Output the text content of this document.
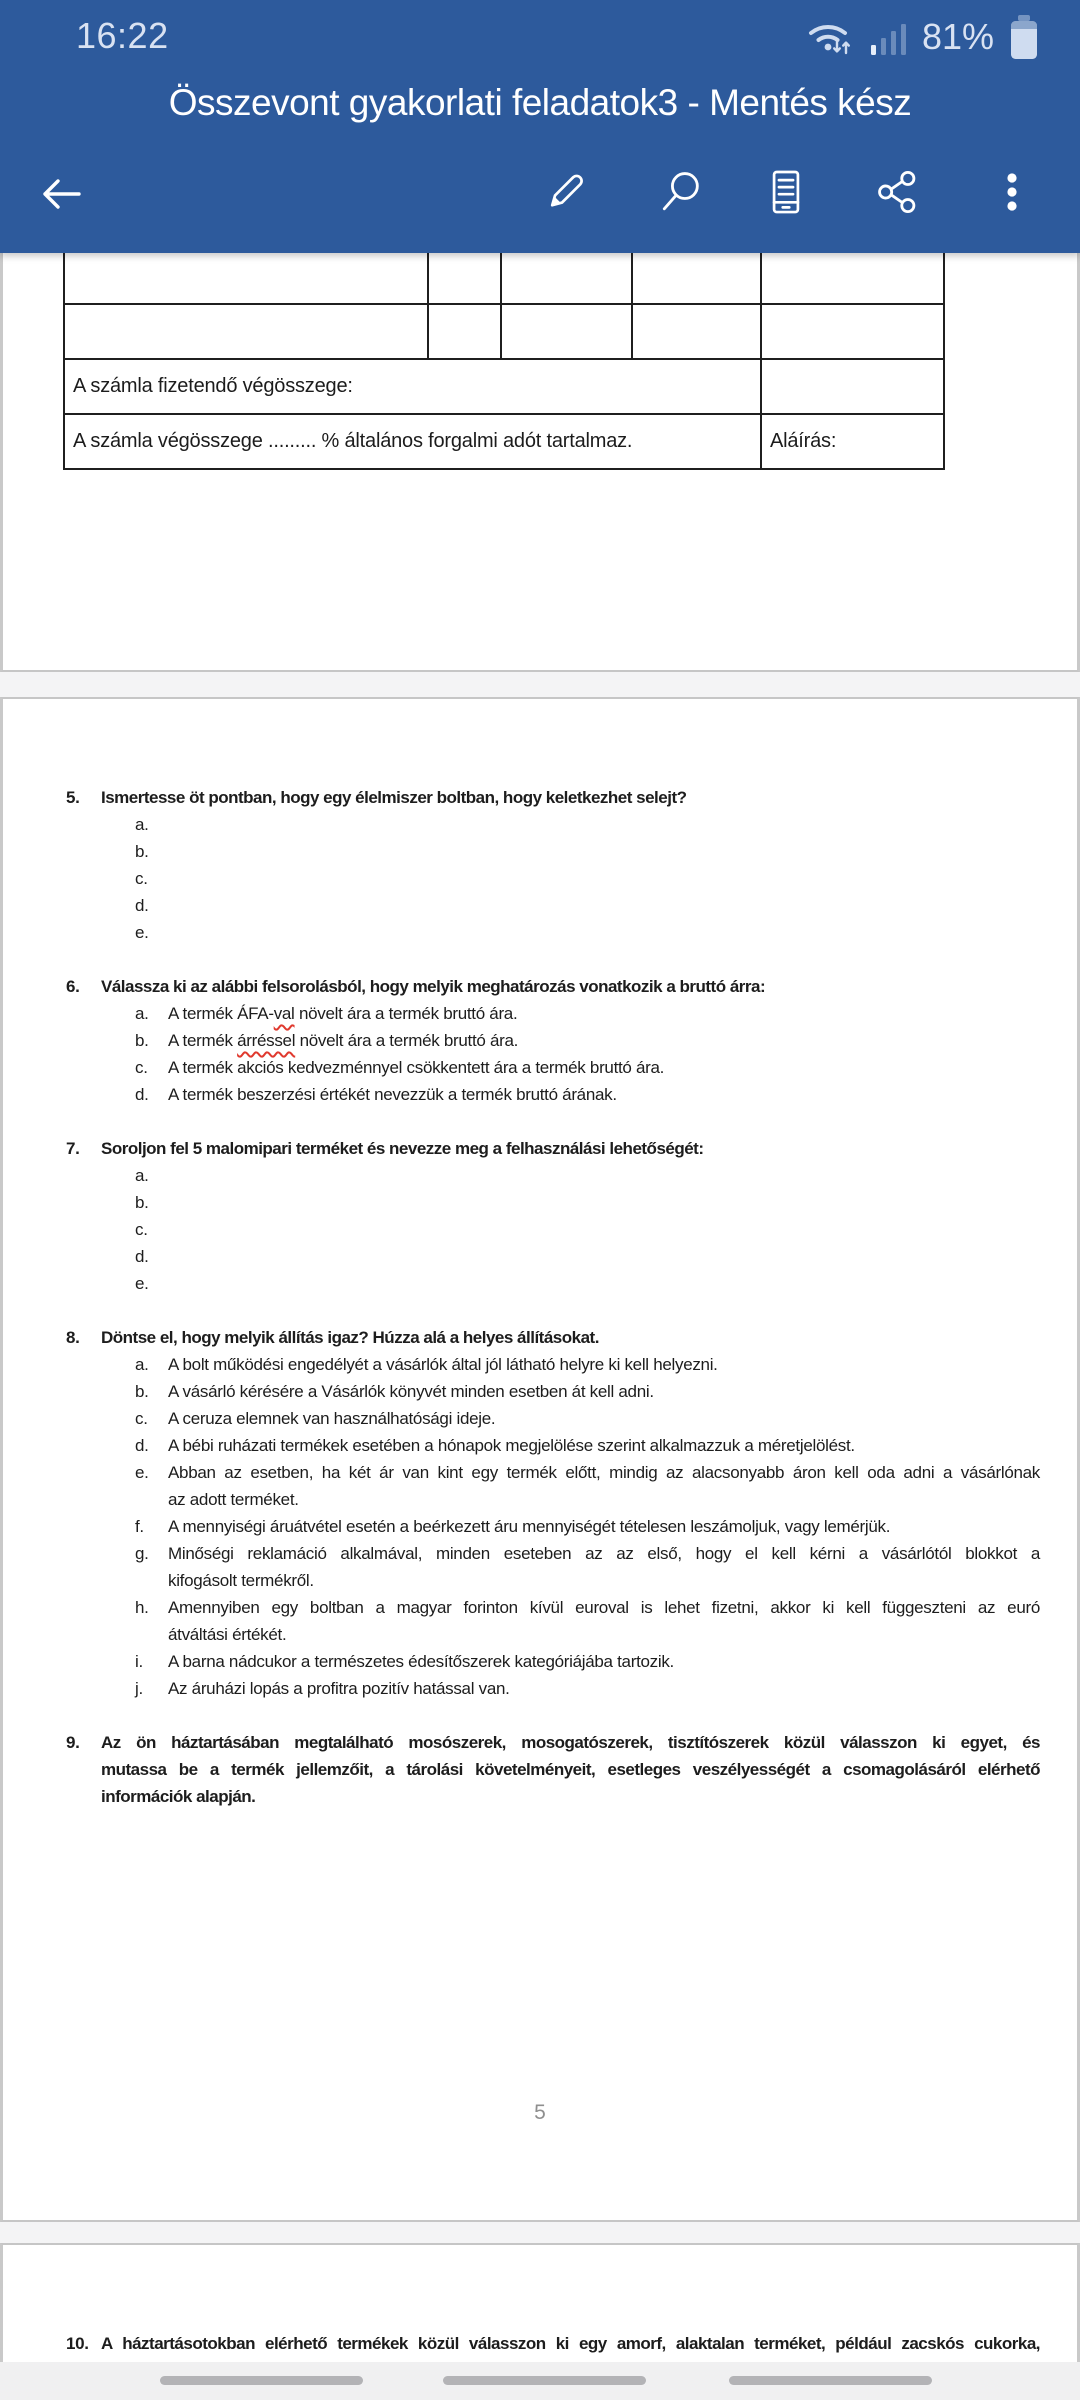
16:22	81%
Összevont gyakorlati feladatok3 - Mentés kész

A számla fizetendő végösszege:				
A számla végösszege ......... % általános forgalmi adót tartalmaz.				Aláírás:
5.	Ismertesse öt pontban, hogy egy élelmiszer boltban, hogy keletkezhet selejt?
a.
b.
c.
d.
e.
6.	Válassza ki az alábbi felsorolásból, hogy melyik meghatározás vonatkozik a bruttó árra:
a.	A termék ÁFA-val növelt ára a termék bruttó ára.
b.	A termék árréssel növelt ára a termék bruttó ára.
c.	A termék akciós kedvezménnyel csökkentett ára a termék bruttó ára.
d.	A termék beszerzési értékét nevezzük a termék bruttó árának.
7.	Soroljon fel 5 malomipari terméket és nevezze meg a felhasználási lehetőségét:
a.
b.
c.
d.
e.
8.	Döntse el, hogy melyik állítás igaz? Húzza alá a helyes állításokat.
a.	A bolt működési engedélyét a vásárlók által jól látható helyre ki kell helyezni.
b.	A vásárló kérésére a Vásárlók könyvét minden esetben át kell adni.
c.	A ceruza elemnek van használhatósági ideje.
d.	A bébi ruházati termékek esetében a hónapok megjelölése szerint alkalmazzuk a méretjelölést.
e.	Abban az esetben, ha két ár van kint egy termék előtt, mindig az alacsonyabb áron kell oda adni a vásárlónak
az adott terméket.
f.	A mennyiségi áruátvétel esetén a beérkezett áru mennyiségét tételesen leszámoljuk, vagy lemérjük.
g.	Minőségi reklamáció alkalmával, minden eseteben az az első, hogy el kell kérni a vásárlótól blokkot a
kifogásolt termékről.
h.	Amennyiben egy boltban a magyar forinton kívül euroval is lehet fizetni, akkor ki kell függeszteni az euró
átváltási értékét.
i.	A barna nádcukor a természetes édesítőszerek kategóriájába tartozik.
j.	Az áruházi lopás a profitra pozitív hatással van.
9.	Az ön háztartásában megtalálható mosószerek, mosogatószerek, tisztítószerek közül válasszon ki egyet, és
mutassa be a termék jellemzőit, a tárolási követelményeit, esetleges veszélyességét a csomagolásáról elérhető
információk alapján.
5
10. A háztartásotokban elérhető termékek közül válasszon ki egy amorf, alaktalan terméket, például zacskós cukorka,
